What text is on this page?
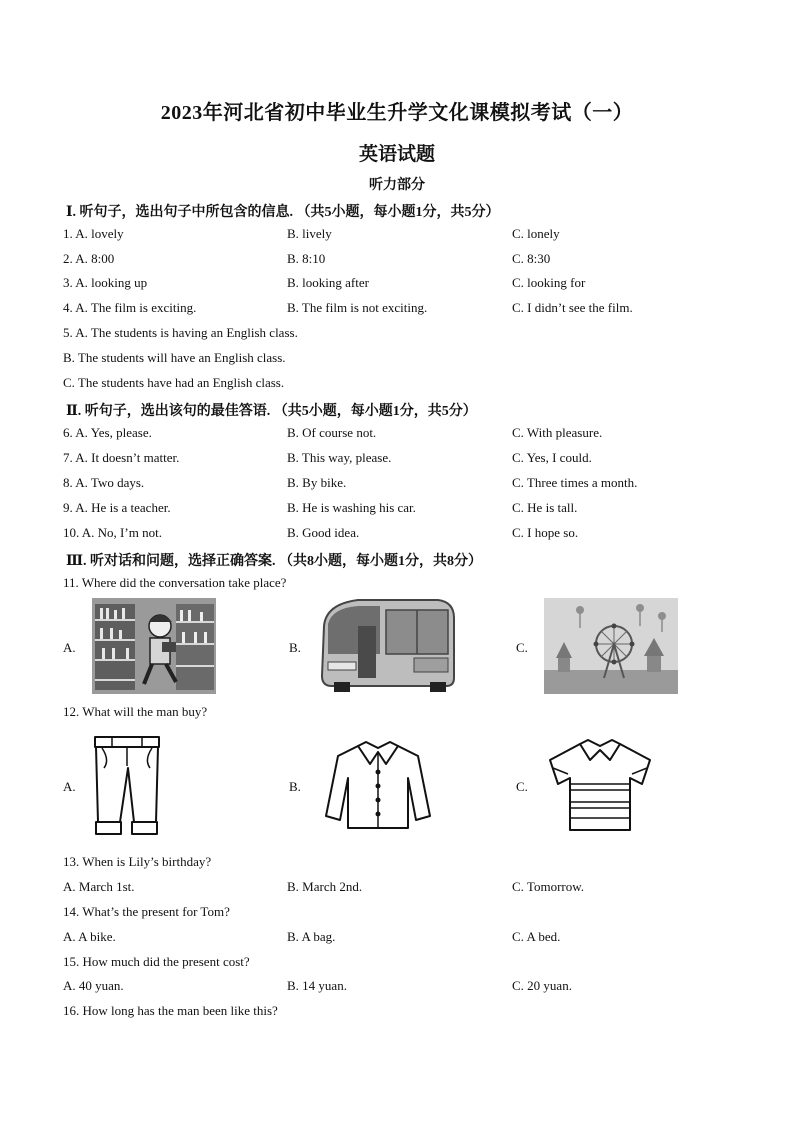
2023年河北省初中毕业生升学文化课模拟考试（一）
英语试题
听力部分
Ⅰ. 听句子，选出句子中所包含的信息. （共5小题，每小题1分，共5分）
1. A. lovely	B. lively	C. lonely
2. A. 8:00	B. 8:10	C. 8:30
3. A. looking up	B. looking after	C. looking for
4. A. The film is exciting.	B. The film is not exciting.	C. I didn’t see the film.
5. A. The students is having an English class.
B. The students will have an English class.
C. The students have had an English class.
Ⅱ. 听句子，选出该句的最佳答语. （共5小题，每小题1分，共5分）
6. A. Yes, please.	B. Of course not.	C. With pleasure.
7. A. It doesn’t matter.	B. This way, please.	C. Yes, I could.
8. A. Two days.	B. By bike.	C. Three times a month.
9. A. He is a teacher.	B. He is washing his car.	C. He is tall.
10. A. No, I’m not.	B. Good idea.	C. I hope so.
Ⅲ. 听对话和问题，选择正确答案. （共8小题，每小题1分，共8分）
11. Where did the conversation take place?
A.	B.	C.
12. What will the man buy?
A.	B.	C.
13. When is Lily’s birthday?
A. March 1st.	B. March 2nd.	C. Tomorrow.
14. What’s the present for Tom?
A. A bike.	B. A bag.	C. A bed.
15. How much did the present cost?
A. 40 yuan.	B. 14 yuan.	C. 20 yuan.
16. How long has the man been like this?
